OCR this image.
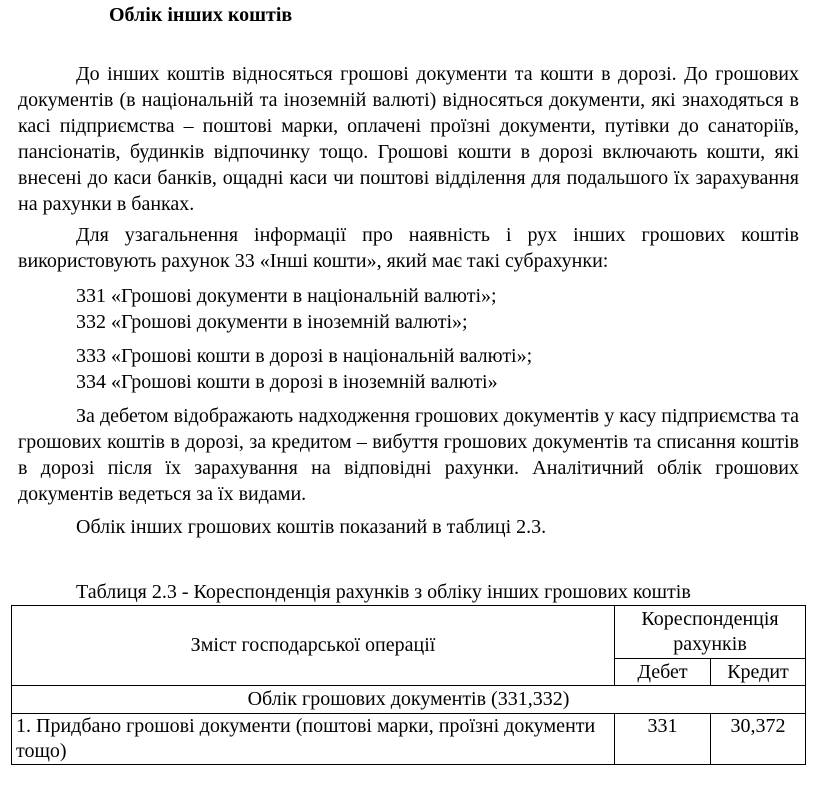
Облік інших коштів

До інших коштів відносяться грошові документи та кошти в дорозі. До грошових документів (в національній та іноземній валюті) відносяться документи, які знаходяться в касі підприємства – поштові марки, оплачені проїзні документи, путівки до санаторіїв, пансіонатів, будинків відпочинку тощо. Грошові кошти в дорозі включають кошти, які внесені до каси банків, ощадні каси чи поштові відділення для подальшого їх зарахування на рахунки в банках.

Для узагальнення інформації про наявність і рух інших грошових коштів використовують рахунок 33 «Інші кошти», який має такі субрахунки:

331 «Грошові документи в національній валюті»;
332 «Грошові документи в іноземній валюті»;
333 «Грошові кошти в дорозі в національній валюті»;
334 «Грошові кошти в дорозі в іноземній валюті»

За дебетом відображають надходження грошових документів у касу підприємства та грошових коштів в дорозі, за кредитом – вибуття грошових документів та списання коштів в дорозі після їх зарахування на відповідні рахунки. Аналітичний облік грошових документів ведеться за їх видами.

Облік інших грошових коштів показаний в таблиці 2.3.

Таблиця 2.3 - Кореспонденція рахунків з обліку інших грошових коштів
Зміст господарської операції	Кореспонденція рахунків	
	Дебет	Кредит
Облік грошових документів (331,332)		
1. Придбано грошові документи (поштові марки, проїзні документи тощо)	331	30,372
